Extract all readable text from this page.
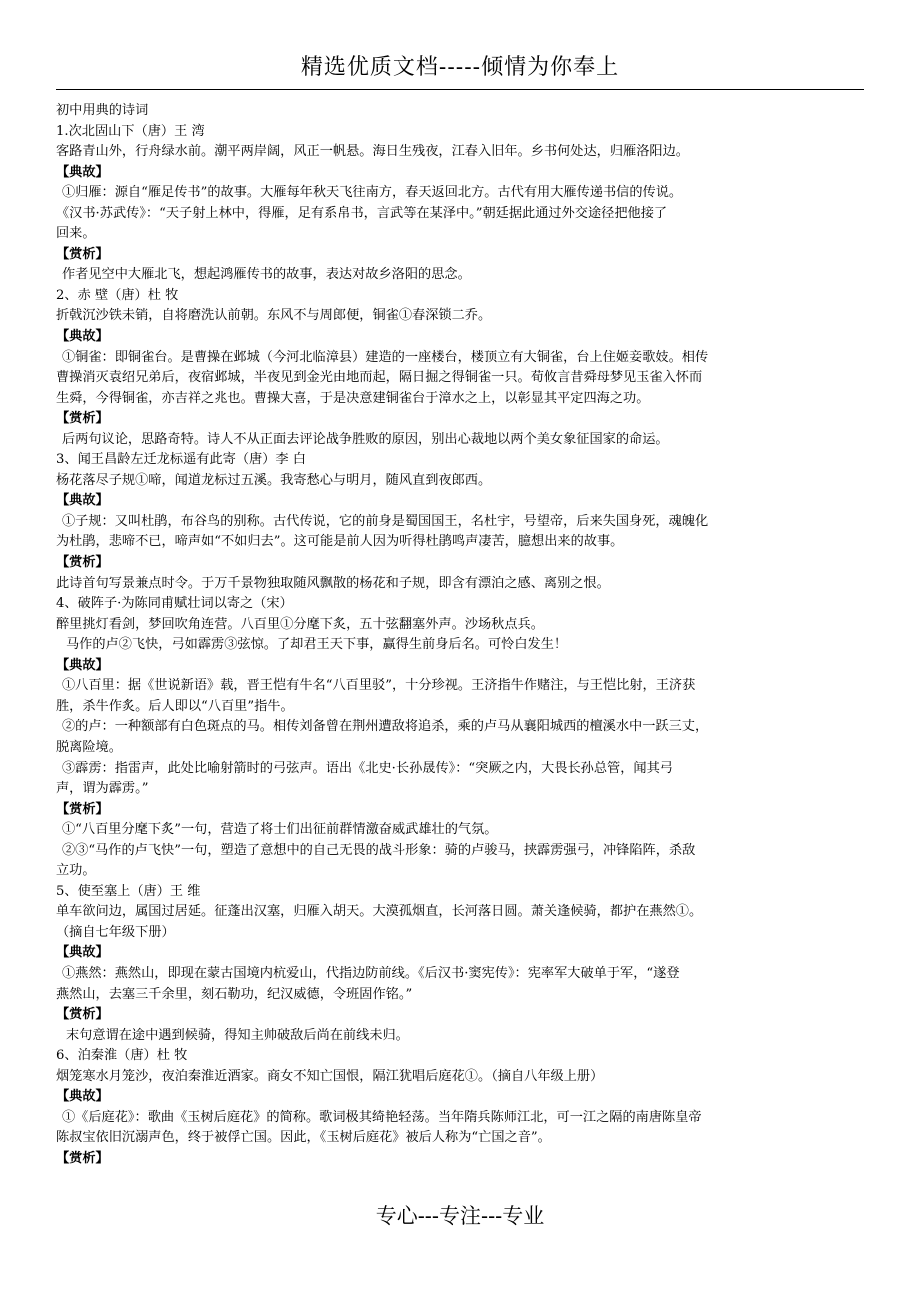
精选优质文档-----倾情为你奉上
初中用典的诗词
1.次北固山下（唐）王 湾
客路青山外，行舟绿水前。潮平两岸阔，风正一帆悬。海日生残夜，江春入旧年。乡书何处达，归雁洛阳边。
【典故】
①归雁：源自“雁足传书”的故事。大雁每年秋天飞往南方，春天返回北方。古代有用大雁传递书信的传说。
《汉书·苏武传》：“天子射上林中，得雁，足有系帛书，言武等在某泽中。”朝廷据此通过外交途径把他接了
回来。
【赏析】
作者见空中大雁北飞，想起鸿雁传书的故事，表达对故乡洛阳的思念。
2、赤 壁（唐）杜 牧
折戟沉沙铁未销，自将磨洗认前朝。东风不与周郎便，铜雀①春深锁二乔。
【典故】
①铜雀：即铜雀台。是曹操在邺城（今河北临漳县）建造的一座楼台，楼顶立有大铜雀，台上住姬妾歌妓。相传
曹操消灭袁绍兄弟后，夜宿邺城，半夜见到金光由地而起，隔日掘之得铜雀一只。荀攸言昔舜母梦见玉雀入怀而
生舜，今得铜雀，亦吉祥之兆也。曹操大喜，于是决意建铜雀台于漳水之上，以彰显其平定四海之功。
【赏析】
后两句议论，思路奇特。诗人不从正面去评论战争胜败的原因，别出心裁地以两个美女象征国家的命运。
3、闻王昌龄左迁龙标遥有此寄（唐）李 白
杨花落尽子规①啼，闻道龙标过五溪。我寄愁心与明月，随风直到夜郎西。
【典故】
①子规：又叫杜鹃，布谷鸟的别称。古代传说，它的前身是蜀国国王，名杜宇，号望帝，后来失国身死，魂魄化
为杜鹃，悲啼不已，啼声如“不如归去”。这可能是前人因为听得杜鹃鸣声凄苦，臆想出来的故事。
【赏析】
此诗首句写景兼点时令。于万千景物独取随风飘散的杨花和子规，即含有漂泊之感、离别之恨。
4、破阵子·为陈同甫赋壮词以寄之（宋）
醉里挑灯看剑，梦回吹角连营。八百里①分麾下炙，五十弦翻塞外声。沙场秋点兵。
马作的卢②飞快，弓如霹雳③弦惊。了却君王天下事，赢得生前身后名。可怜白发生！
【典故】
①八百里：据《世说新语》载，晋王恺有牛名“八百里驳”，十分珍视。王济指牛作赌注，与王恺比射，王济获
胜，杀牛作炙。后人即以“八百里”指牛。
②的卢：一种额部有白色斑点的马。相传刘备曾在荆州遭敌将追杀，乘的卢马从襄阳城西的檀溪水中一跃三丈，
脱离险境。
③霹雳：指雷声，此处比喻射箭时的弓弦声。语出《北史·长孙晟传》：“突厥之内，大畏长孙总管，闻其弓
声，谓为霹雳。”
【赏析】
①“八百里分麾下炙”一句，营造了将士们出征前群情激奋威武雄壮的气氛。
②③“马作的卢飞快”一句，塑造了意想中的自己无畏的战斗形象：骑的卢骏马，挟霹雳强弓，冲锋陷阵，杀敌
立功。
5、使至塞上（唐）王 维
单车欲问边，属国过居延。征蓬出汉塞，归雁入胡天。大漠孤烟直，长河落日圆。萧关逢候骑，都护在燕然①。
（摘自七年级下册）
【典故】
①燕然：燕然山，即现在蒙古国境内杭爱山，代指边防前线。《后汉书·窦宪传》：宪率军大破单于军，“遂登
燕然山，去塞三千余里，刻石勒功，纪汉威德，令班固作铭。”
【赏析】
末句意谓在途中遇到候骑，得知主帅破敌后尚在前线未归。
6、泊秦淮（唐）杜 牧
烟笼寒水月笼沙，夜泊秦淮近酒家。商女不知亡国恨，隔江犹唱后庭花①。（摘自八年级上册）
【典故】
①《后庭花》：歌曲《玉树后庭花》的简称。歌词极其绮艳轻荡。当年隋兵陈师江北，可一江之隔的南唐陈皇帝
陈叔宝依旧沉溺声色，终于被俘亡国。因此，《玉树后庭花》被后人称为“亡国之音”。
【赏析】
专心---专注---专业
